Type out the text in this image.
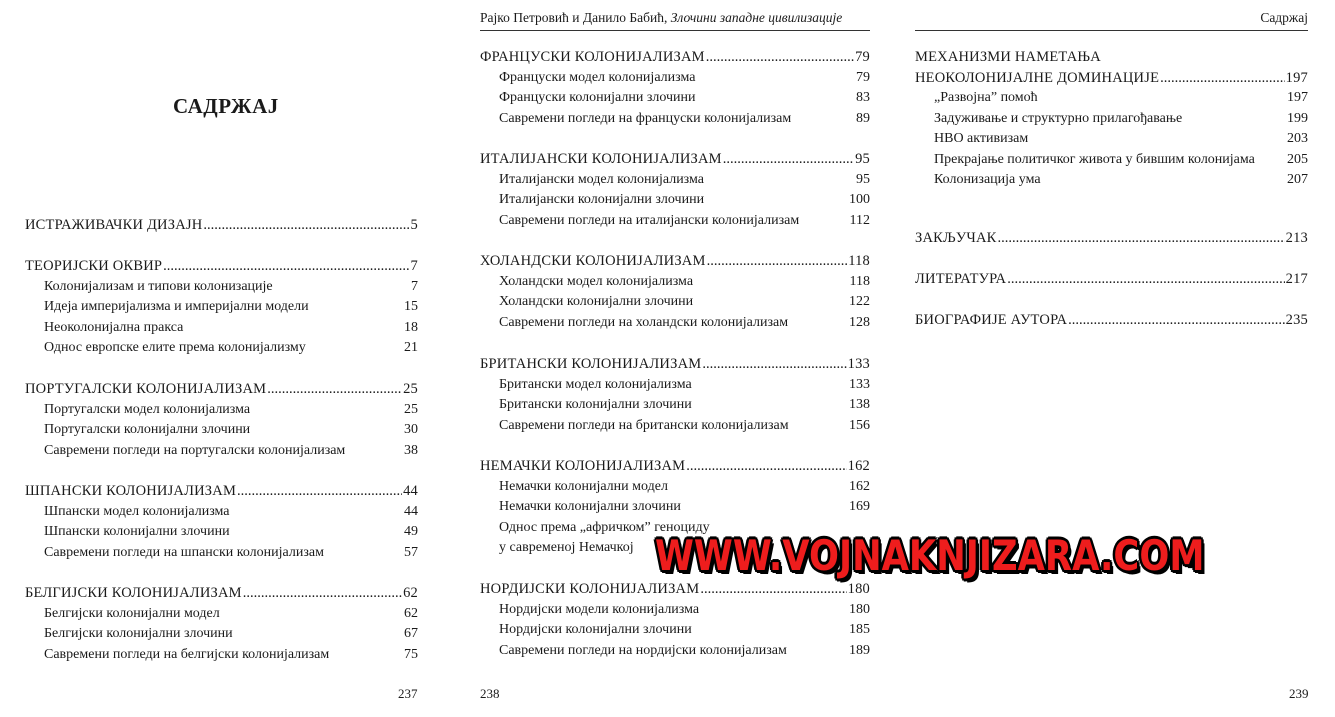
САДРЖАЈ
ИСТРАЖИВАЧКИ ДИЗАЈН .....	5
ТЕОРИЈСКИ ОКВИР .....	7
Колонијализам и типови колонизације	7
Идеја империјализма и империјални модели	15
Неоколонијална пракса	18
Однос европске елите према колонијализму	21
ПОРТУГАЛСКИ КОЛОНИЈАЛИЗАМ .....	25
Португалски модел колонијализма	25
Португалски колонијални злочини	30
Савремени погледи на португалски колонијализам	38
ШПАНСКИ КОЛОНИЈАЛИЗАМ .....	44
Шпански модел колонијализма	44
Шпански колонијални злочини	49
Савремени погледи на шпански колонијализам	57
БЕЛГИЈСКИ КОЛОНИЈАЛИЗАМ .....	62
Белгијски колонијални модел	62
Белгијски колонијални злочини	67
Савремени погледи на белгијски колонијализам	75
237
Рајко Петровић и Данило Бабић, Злочини западне цивилизације
ФРАНЦУСКИ КОЛОНИЈАЛИЗАМ .....	79
Француски модел колонијализма	79
Француски колонијални злочини	83
Савремени погледи на француски колонијализам	89
ИТАЛИЈАНСКИ КОЛОНИЈАЛИЗАМ .....	95
Италијански модел колонијализма	95
Италијански колонијални злочини	100
Савремени погледи на италијански колонијализам	112
ХОЛАНДСКИ КОЛОНИЈАЛИЗАМ .....	118
Холандски модел колонијализма	118
Холандски колонијални злочини	122
Савремени погледи на холандски колонијализам	128
БРИТАНСКИ КОЛОНИЈАЛИЗАМ .....	133
Британски модел колонијализма	133
Британски колонијални злочини	138
Савремени погледи на британски колонијализам	156
НЕМАЧКИ КОЛОНИЈАЛИЗАМ .....	162
Немачки колонијални модел	162
Немачки колонијални злочини	169
Однос према „афричком” геноциду
у савременој Немачкој
НОРДИЈСКИ КОЛОНИЈАЛИЗАМ .....	180
Нордијски модели колонијализма	180
Нордијски колонијални злочини	185
Савремени погледи на нордијски колонијализам	189
238
Садржај
МЕХАНИЗМИ НАМЕТАЊА
НЕОКОЛОНИЈАЛНЕ ДОМИНАЦИЈЕ .....	197
„Развојна” помоћ	197
Задуживање и структурно прилагођавање	199
НВО активизам	203
Прекрајање политичког живота у бившим колонијама 205
Колонизација ума	207
ЗАКЉУЧАК .....	213
ЛИТЕРАТУРА .....	217
БИОГРАФИЈЕ АУТОРА .....	235
239
WWW.VOJNAKNJIZARA.COM
